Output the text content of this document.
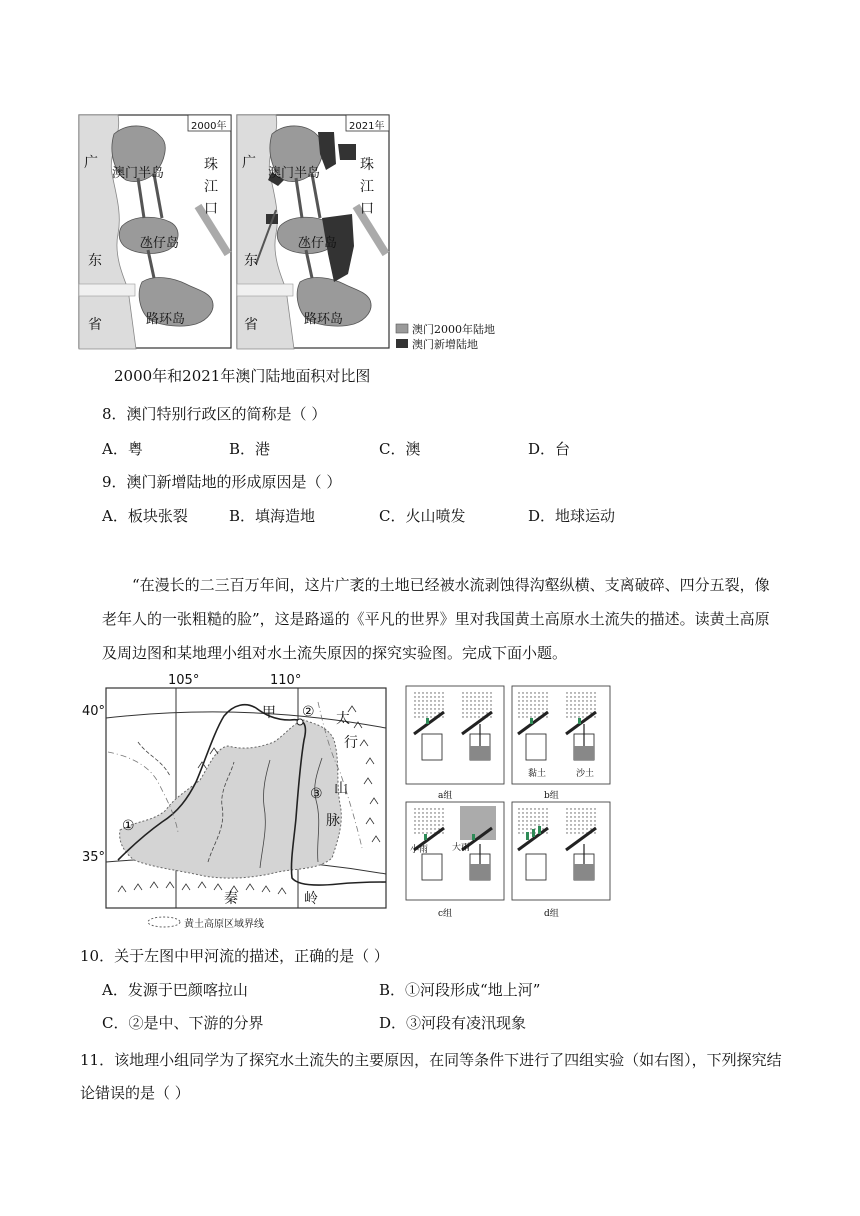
2000年	2021年
广
东
省
珠
江
口
澳门半岛
氹仔岛
路环岛
广
东
省
珠
江
口
澳门半岛
氹仔岛
路环岛
澳门2000年陆地
澳门新增陆地
2000年和2021年澳门陆地面积对比图
8．澳门特别行政区的简称是（ ）
A．粤	B．港	C．澳	D．台
9．澳门新增陆地的形成原因是（ ）
A．板块张裂	B．填海造地	C．火山喷发	D．地球运动
“在漫长的二三百万年间，这片广袤的土地已经被水流剥蚀得沟壑纵横、支离破碎、四分五裂，像老年人的一张粗糙的脸”，这是路遥的《平凡的世界》里对我国黄土高原水土流失的描述。读黄土高原及周边图和某地理小组对水土流失原因的探究实验图。完成下面小题。
105°	110°
40°
35°
甲
①
②
③
太
行
山
脉
秦	岭
黄土高原区域界线
a组	b组
c组	d组
黏土	沙土
小雨	大雨
10．关于左图中甲河流的描述，正确的是（ ）
A．发源于巴颜喀拉山	B．①河段形成“地上河”
C．②是中、下游的分界	D．③河段有凌汛现象
11．该地理小组同学为了探究水土流失的主要原因，在同等条件下进行了四组实验（如右图），下列探究结论错误的是（ ）
